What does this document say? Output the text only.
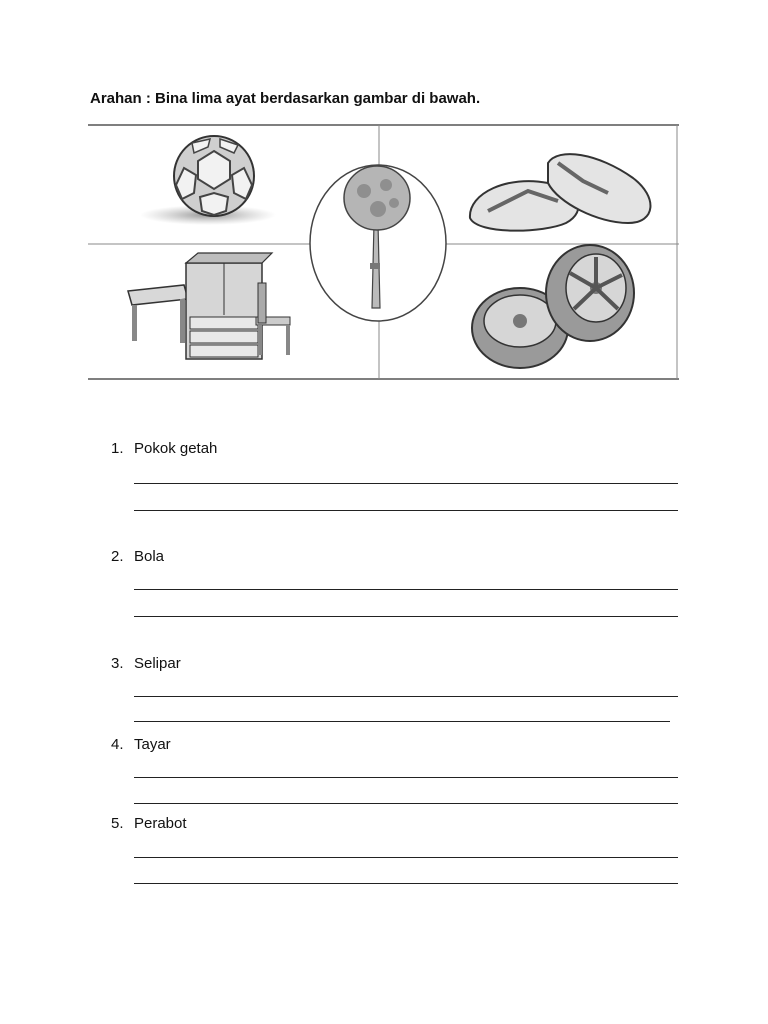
Arahan : Bina lima ayat berdasarkan gambar di bawah.
1. Pokok getah
2. Bola
3. Selipar
4. Tayar
5. Perabot
